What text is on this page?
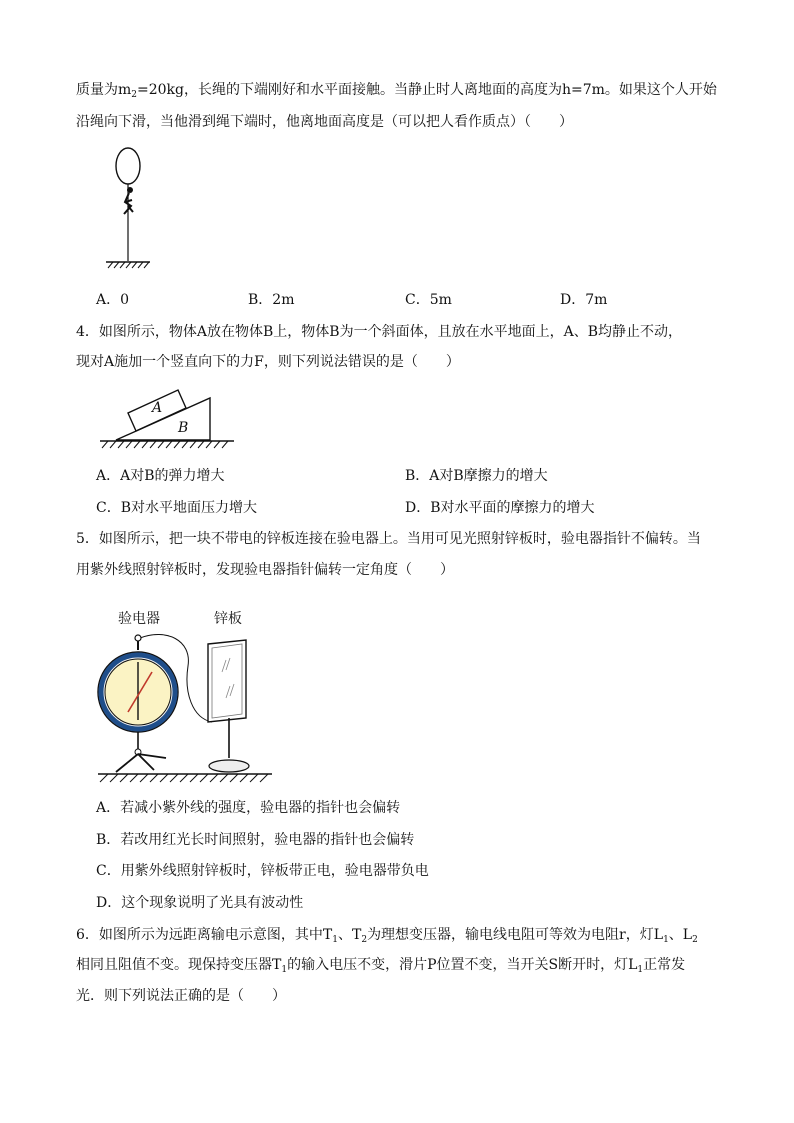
质量为$m_2=20kg$，长绳的下端刚好和水平面接触。当静止时人离地面的高度为h=7m。如果这个人开始
沿绳向下滑，当他滑到绳下端时，他离地面高度是（可以把人看作质点）（　　）
A．0	B．2m	C．5m	D．7m
4．如图所示，物体A放在物体B上，物体B为一个斜面体，且放在水平地面上，A、B均静止不动，
现对A施加一个竖直向下的力F，则下列说法错误的是（　　）
A
B
A．A对B的弹力增大	B．A对B摩擦力的增大
C．B对水平地面压力增大	D．B对水平面的摩擦力的增大
5．如图所示，把一块不带电的锌板连接在验电器上。当用可见光照射锌板时，验电器指针不偏转。当
用紫外线照射锌板时，发现验电器指针偏转一定角度（　　）
验电器	锌板
A．若减小紫外线的强度，验电器的指针也会偏转
B．若改用红光长时间照射，验电器的指针也会偏转
C．用紫外线照射锌板时，锌板带正电，验电器带负电
D．这个现象说明了光具有波动性
6．如图所示为远距离输电示意图，其中$T_1$、$T_2$为理想变压器，输电线电阻可等效为电阻r，灯$L_1$、$L_2$
相同且阻值不变。现保持变压器$T_1$的输入电压不变，滑片P位置不变，当开关S断开时，灯$L_1$正常发
光．则下列说法正确的是（　　）
